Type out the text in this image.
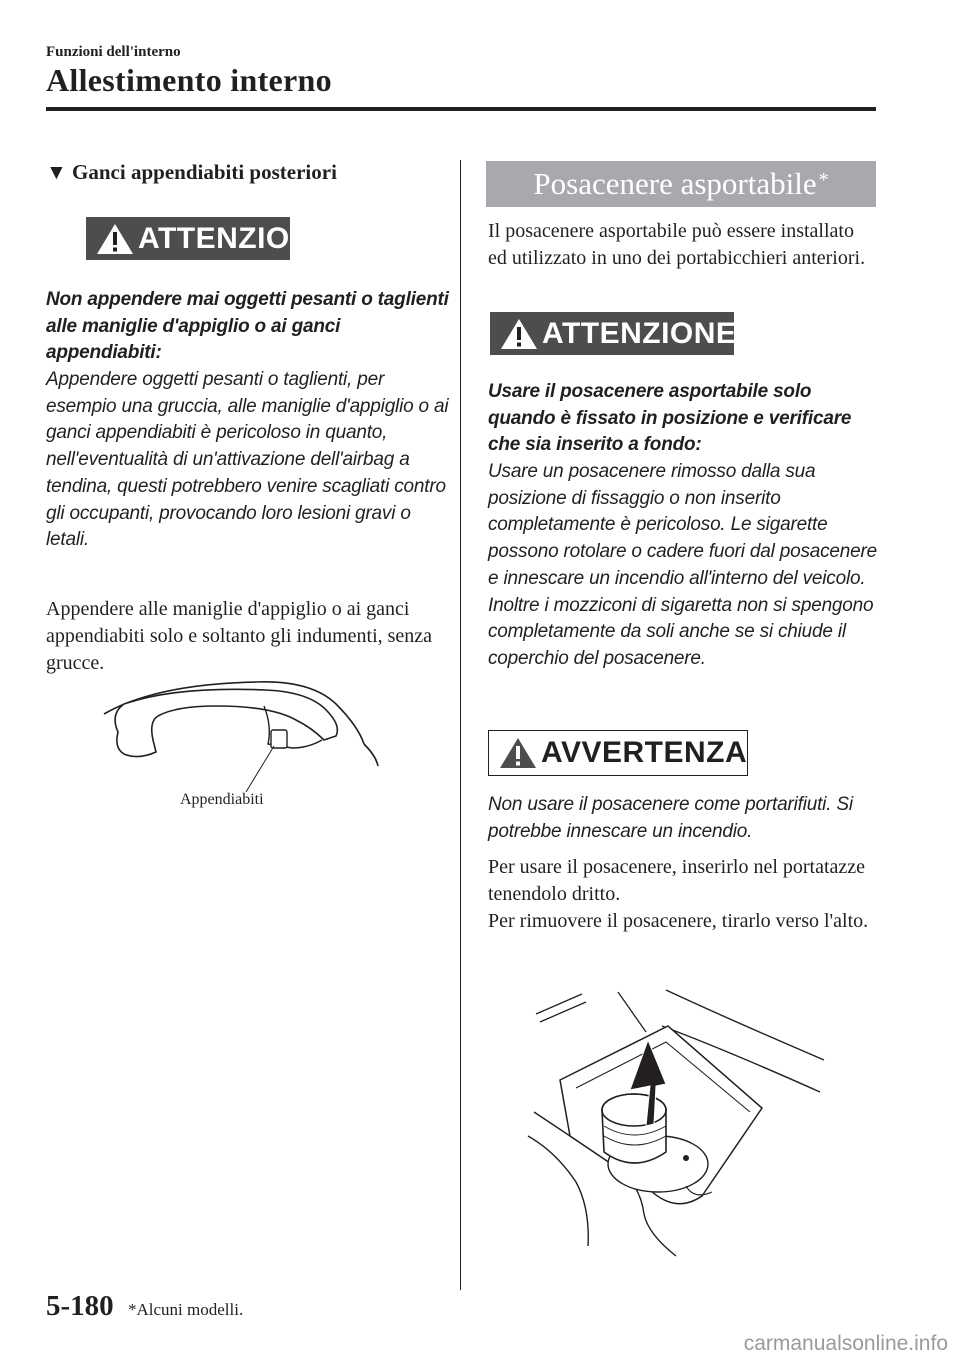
Funzioni dell'interno
Allestimento interno
▼ Ganci appendiabiti posteriori
ATTENZIONE
Non appendere mai oggetti pesanti o taglienti alle maniglie d'appiglio o ai ganci appendiabiti:
Appendere oggetti pesanti o taglienti, per esempio una gruccia, alle maniglie d'appiglio o ai ganci appendiabiti è pericoloso in quanto, nell'eventualità di un'attivazione dell'airbag a tendina, questi potrebbero venire scagliati contro gli occupanti, provocando loro lesioni gravi o letali.
Appendere alle maniglie d'appiglio o ai ganci appendiabiti solo e soltanto gli indumenti, senza grucce.
Appendiabiti
Posacenere asportabile*
Il posacenere asportabile può essere installato ed utilizzato in uno dei portabicchieri anteriori.
ATTENZIONE
Usare il posacenere asportabile solo quando è fissato in posizione e verificare che sia inserito a fondo:
Usare un posacenere rimosso dalla sua posizione di fissaggio o non inserito completamente è pericoloso. Le sigarette possono rotolare o cadere fuori dal posacenere e innescare un incendio all'interno del veicolo. Inoltre i mozziconi di sigaretta non si spengono completamente da soli anche se si chiude il coperchio del posacenere.
AVVERTENZA
Non usare il posacenere come portarifiuti. Si potrebbe innescare un incendio.
Per usare il posacenere, inserirlo nel portatazze tenendolo dritto.
Per rimuovere il posacenere, tirarlo verso l'alto.
5-180 *Alcuni modelli.
carmanualsonline.info
